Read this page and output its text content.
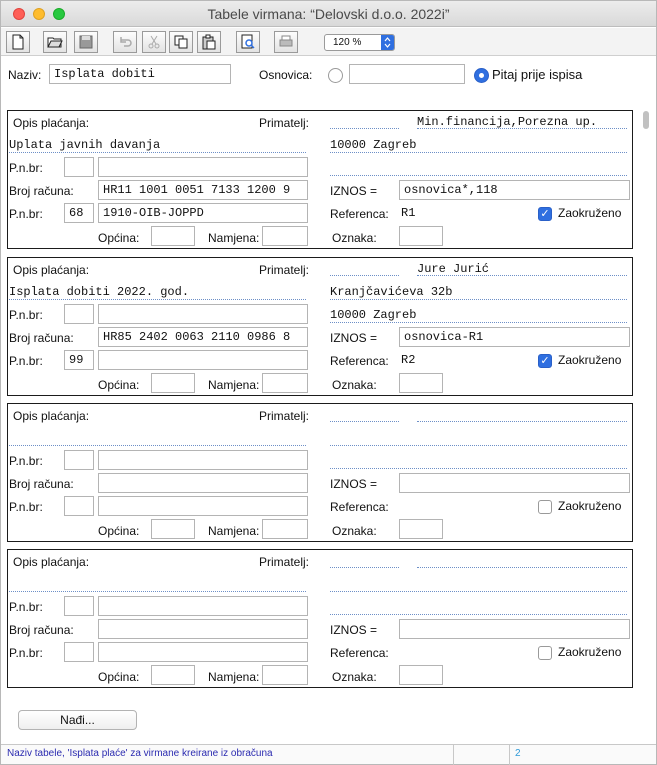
Tabele virmana: “Delovski d.o.o. 2022i”
120 %
Naziv:	Isplata dobiti	Osnovica:	Pitaj prije ispisa
Opis plaćanja:	Primatelj:
Uplata javnih davanja
Min.financija,Porezna up.
10000 Zagreb
P.n.br:
Broj računa:	HR11 1001 0051 7133 1200 9	IZNOS =	osnovica*,118
P.n.br:	68	1910-OIB-JOPPD	Referenca: R1	✓ Zaokruženo
Općina:	Namjena:	Oznaka:
Opis plaćanja:	Primatelj:
Isplata dobiti 2022. god.
Jure Jurić
Kranjčavićeva 32b
10000 Zagreb
P.n.br:
Broj računa:	HR85 2402 0063 2110 0986 8	IZNOS =	osnovica-R1
P.n.br:	99	Referenca: R2	✓ Zaokruženo
Općina:	Namjena:	Oznaka:
Opis plaćanja:	Primatelj:
P.n.br:
Broj računa:	IZNOS =
P.n.br:	Referenca:	Zaokruženo
Općina:	Namjena:	Oznaka:
Opis plaćanja:	Primatelj:
P.n.br:
Broj računa:	IZNOS =
P.n.br:	Referenca:	Zaokruženo
Općina:	Namjena:	Oznaka:
Nađi...
Naziv tabele, 'Isplata plaće' za virmane kreirane iz obračuna	2
